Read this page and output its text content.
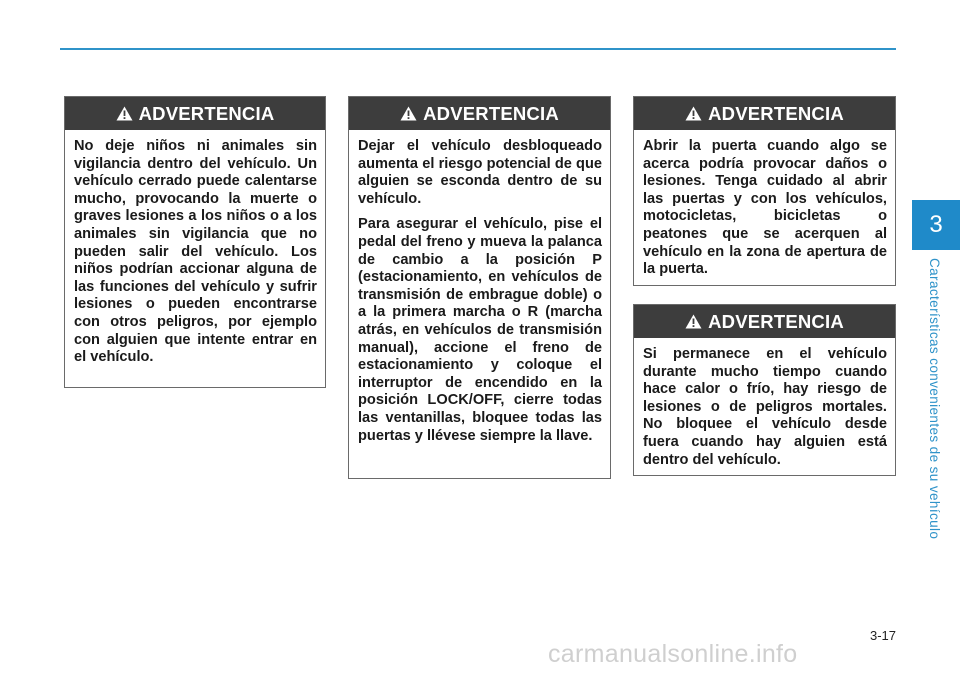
3
Características convenientes de su vehículo
ADVERTENCIA

No deje niños ni animales sin vigilancia dentro del vehículo. Un vehículo cerrado puede calentarse mucho, provocando la muerte o graves lesiones a los niños o a los animales sin vigilancia que no pueden salir del vehículo. Los niños podrían accionar alguna de las funciones del vehículo y sufrir lesiones o pueden encontrarse con otros peligros, por ejemplo con alguien que intente entrar en el vehículo.

ADVERTENCIA

Dejar el vehículo desbloqueado aumenta el riesgo potencial de que alguien se esconda dentro de su vehículo.

Para asegurar el vehículo, pise el pedal del freno y mueva la palanca de cambio a la posición P (estacionamiento, en vehículos de transmisión de embrague doble) o a la primera marcha o R (marcha atrás, en vehículos de transmisión manual), accione el freno de estacionamiento y coloque el interruptor de encendido en la posición LOCK/OFF, cierre todas las ventanillas, bloquee todas las puertas y llévese siempre la llave.

ADVERTENCIA

Abrir la puerta cuando algo se acerca podría provocar daños o lesiones. Tenga cuidado al abrir las puertas y con los vehículos, motocicletas, bicicletas o peatones que se acerquen al vehículo en la zona de apertura de la puerta.

ADVERTENCIA

Si permanece en el vehículo durante mucho tiempo cuando hace calor o frío, hay riesgo de lesiones o de peligros mortales. No bloquee el vehículo desde fuera cuando hay alguien está dentro del vehículo.

3-17
carmanualsonline.info
